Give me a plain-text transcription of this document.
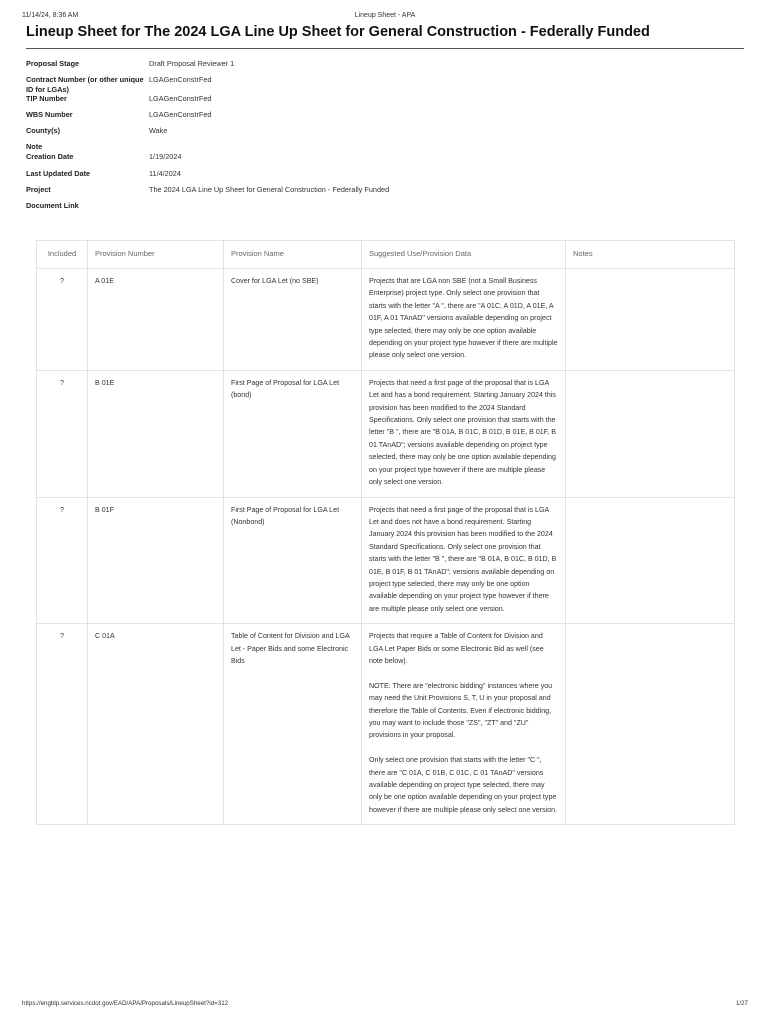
11/14/24, 8:36 AM	Lineup Sheet - APA
Lineup Sheet for The 2024 LGA Line Up Sheet for General Construction - Federally Funded
Proposal Stage	Draft Proposal Reviewer 1
Contract Number (or other unique ID for LGAs)
LGAGenConstrFed
TIP Number	LGAGenConstrFed
WBS Number	LGAGenConstrFed
County(s)	Wake
Note
Creation Date	1/19/2024
Last Updated Date	11/4/2024
Project	The 2024 LGA Line Up Sheet for General Construction - Federally Funded
Document Link
Included	Provision Number	Provision Name	Suggested Use/Provision Data	Notes
?	A 01E	Cover for LGA Let (no SBE)	Projects that are LGA non SBE (not a Small Business Enterprise) project type. Only select one provision that starts with the letter "A ", there are "A 01C, A 01D, A 01E, A 01F, A 01 TAnAD" versions available depending on project type selected, there may only be one option available depending on your project type however if there are multiple please only select one version.	
?	B 01E	First Page of Proposal for LGA Let (bond)	Projects that need a first page of the proposal that is LGA Let and has a bond requirement. Starting January 2024 this provision has been modified to the 2024 Standard Specifications. Only select one provision that starts with the letter "B ", there are "B 01A, B 01C, B 01D, B 01E, B 01F, B 01 TAnAD"; versions available depending on project type selected, there may only be one option available depending on your project type however if there are multiple please only select one version.	
?	B 01F	First Page of Proposal for LGA Let (Nonbond)	Projects that need a first page of the proposal that is LGA Let and does not have a bond requirement. Starting January 2024 this provision has been modified to the 2024 Standard Specifications. Only select one provision that starts with the letter "B ", there are "B 01A, B 01C, B 01D, B 01E, B 01F, B 01 TAnAD"; versions available depending on project type selected, there may only be one option available depending on your project type however if there are multiple please only select one version.	
?	C 01A	Table of Content for Division and LGA Let - Paper Bids and some Electronic Bids	Projects that require a Table of Content for Division and LGA Let Paper Bids or some Electronic Bid as well (see note below).

NOTE: There are "electronic bidding" instances where you may need the Unit Provisions S, T, U in your proposal and therefore the Table of Contents. Even if electronic bidding, you may want to include those "ZS", "ZT" and "ZU" provisions in your proposal.

Only select one provision that starts with the letter "C ", there are "C 01A, C 01B, C 01C, C 01 TAnAD" versions available depending on project type selected, there may only be one option available depending on your project type however if there are multiple please only select one version.	
https://engblp.services.ncdot.gov/EAD/APA/Proposals/LineupSheet?id=312	1/27
